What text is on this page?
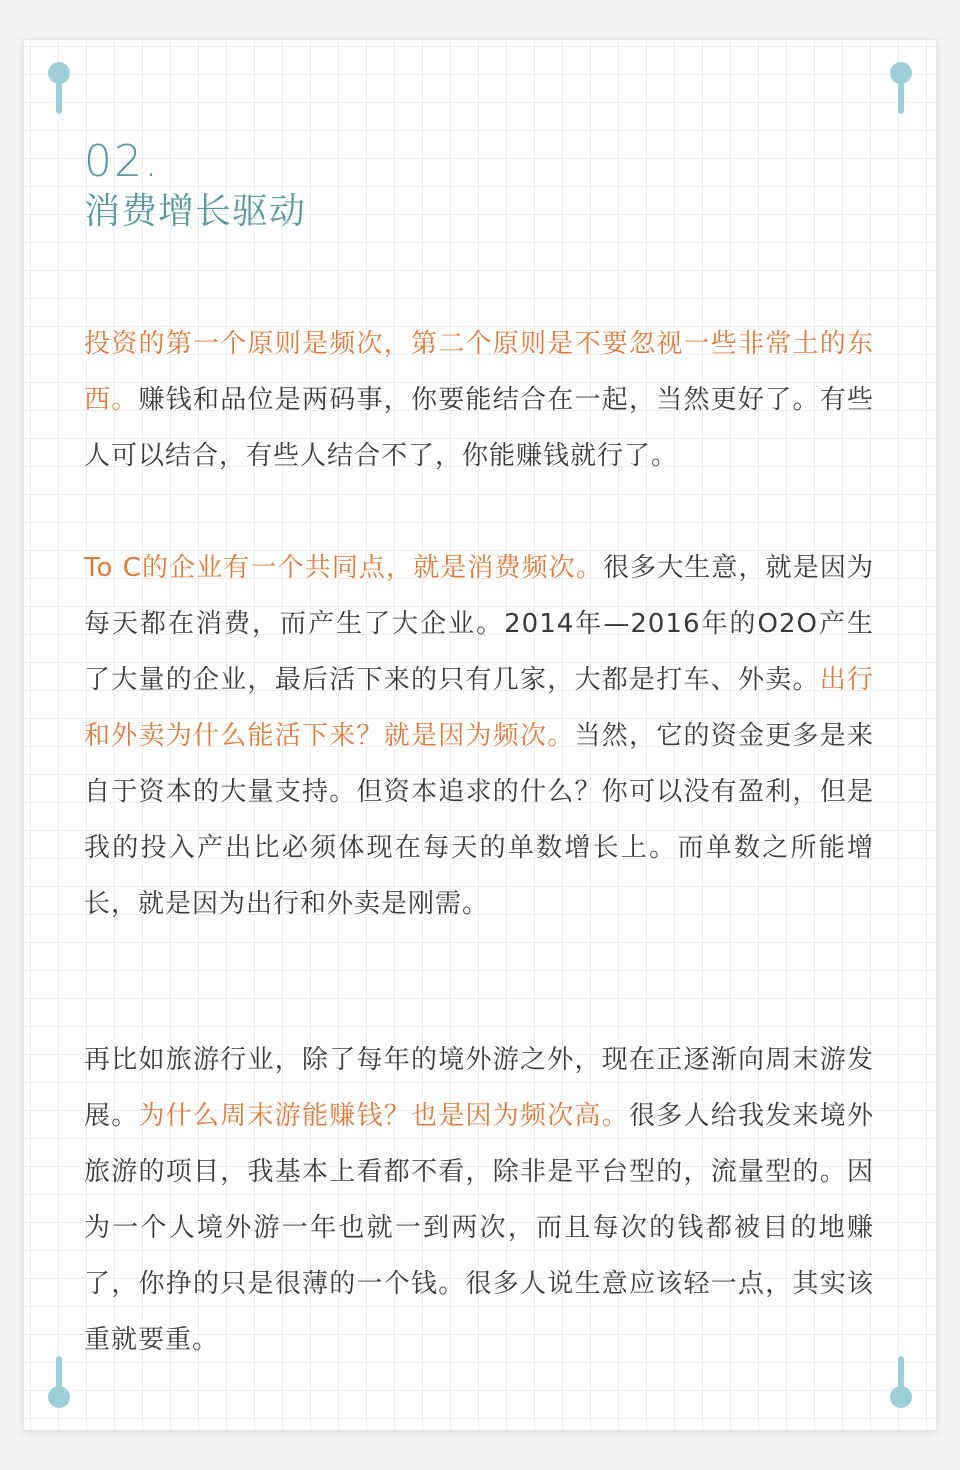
02.
消费增长驱动

投资的第一个原则是频次，第二个原则是不要忽视一些非常土的东西。赚钱和品位是两码事，你要能结合在一起，当然更好了。有些人可以结合，有些人结合不了，你能赚钱就行了。

To C的企业有一个共同点，就是消费频次。很多大生意，就是因为每天都在消费，而产生了大企业。2014年—2016年的O2O产生了大量的企业，最后活下来的只有几家，大都是打车、外卖。出行和外卖为什么能活下来？就是因为频次。当然，它的资金更多是来自于资本的大量支持。但资本追求的什么？你可以没有盈利，但是我的投入产出比必须体现在每天的单数增长上。而单数之所能增长，就是因为出行和外卖是刚需。

再比如旅游行业，除了每年的境外游之外，现在正逐渐向周末游发展。为什么周末游能赚钱？也是因为频次高。很多人给我发来境外旅游的项目，我基本上看都不看，除非是平台型的，流量型的。因为一个人境外游一年也就一到两次，而且每次的钱都被目的地赚了，你挣的只是很薄的一个钱。很多人说生意应该轻一点，其实该重就要重。
